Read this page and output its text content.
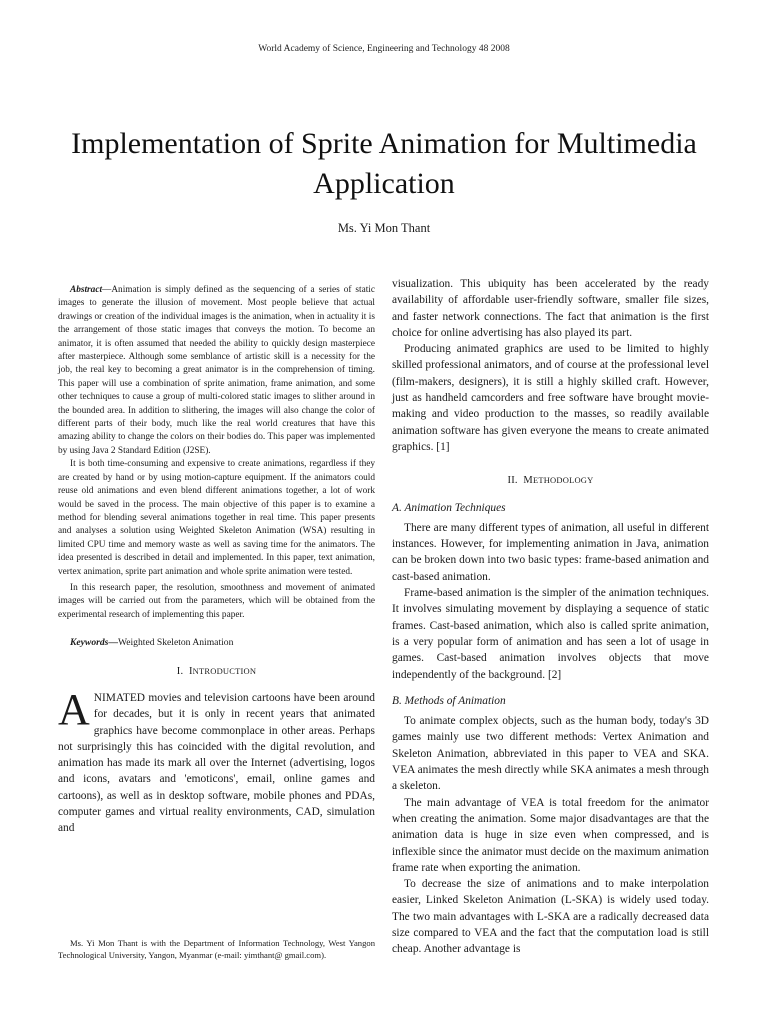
World Academy of Science, Engineering and Technology 48 2008
Implementation of Sprite Animation for Multimedia Application
Ms. Yi Mon Thant

Abstract—Animation is simply defined as the sequencing of a series of static images to generate the illusion of movement. Most people believe that actual drawings or creation of the individual images is the animation, when in actuality it is the arrangement of those static images that conveys the motion. To become an animator, it is often assumed that needed the ability to quickly design masterpiece after masterpiece. Although some semblance of artistic skill is a necessity for the job, the real key to becoming a great animator is in the comprehension of timing. This paper will use a combination of sprite animation, frame animation, and some other techniques to cause a group of multi-colored static images to slither around in the bounded area. In addition to slithering, the images will also change the color of different parts of their body, much like the real world creatures that have this amazing ability to change the colors on their bodies do. This paper was implemented by using Java 2 Standard Edition (J2SE).

It is both time-consuming and expensive to create animations, regardless if they are created by hand or by using motion-capture equipment. If the animators could reuse old animations and even blend different animations together, a lot of work would be saved in the process. The main objective of this paper is to examine a method for blending several animations together in real time. This paper presents and analyses a solution using Weighted Skeleton Animation (WSA) resulting in limited CPU time and memory waste as well as saving time for the animators. The idea presented is described in detail and implemented. In this paper, text animation, vertex animation, sprite part animation and whole sprite animation were tested.

In this research paper, the resolution, smoothness and movement of animated images will be carried out from the parameters, which will be obtained from the experimental research of implementing this paper.

Keywords—Weighted Skeleton Animation

I. INTRODUCTION
ANIMATED movies and television cartoons have been around for decades, but it is only in recent years that animated graphics have become commonplace in other areas. Perhaps not surprisingly this has coincided with the digital revolution, and animation has made its mark all over the Internet (advertising, logos and icons, avatars and 'emoticons', email, online games and cartoons), as well as in desktop software, mobile phones and PDAs, computer games and virtual reality environments, CAD, simulation and

Ms. Yi Mon Thant is with the Department of Information Technology, West Yangon Technological University, Yangon, Myanmar (e-mail: yimthant@ gmail.com).

visualization. This ubiquity has been accelerated by the ready availability of affordable user-friendly software, smaller file sizes, and faster network connections. The fact that animation is the first choice for online advertising has also played its part.

Producing animated graphics are used to be limited to highly skilled professional animators, and of course at the professional level (film-makers, designers), it is still a highly skilled craft. However, just as handheld camcorders and free software have brought movie-making and video production to the masses, so readily available animation software has given everyone the means to create animated graphics. [1]

II. METHODOLOGY
A. Animation Techniques

There are many different types of animation, all useful in different instances. However, for implementing animation in Java, animation can be broken down into two basic types: frame-based animation and cast-based animation.

Frame-based animation is the simpler of the animation techniques. It involves simulating movement by displaying a sequence of static frames. Cast-based animation, which also is called sprite animation, is a very popular form of animation and has seen a lot of usage in games. Cast-based animation involves objects that move independently of the background. [2]

B. Methods of Animation

To animate complex objects, such as the human body, today's 3D games mainly use two different methods: Vertex Animation and Skeleton Animation, abbreviated in this paper to VEA and SKA. VEA animates the mesh directly while SKA animates a mesh through a skeleton.

The main advantage of VEA is total freedom for the animator when creating the animation. Some major disadvantages are that the animation data is huge in size even when compressed, and is inflexible since the animator must decide on the maximum animation frame rate when exporting the animation.

To decrease the size of animations and to make interpolation easier, Linked Skeleton Animation (L-SKA) is widely used today. The two main advantages with L-SKA are a radically decreased data size compared to VEA and the fact that the computation load is still cheap. Another advantage is
